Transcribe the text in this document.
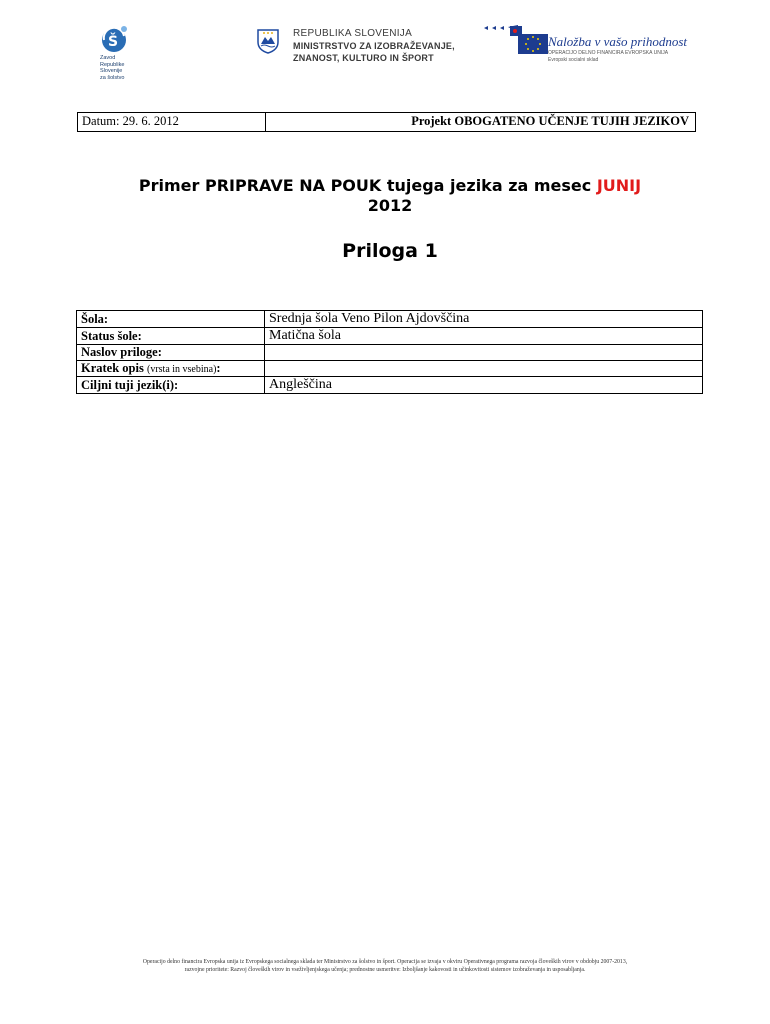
Š
Zavod
Republike
Slovenije
za šolstvo
REPUBLIKA SLOVENIJA
MINISTRSTVO ZA IZOBRAŽEVANJE,
ZNANOST, KULTURO IN ŠPORT
Naložba v vašo prihodnost
OPERACIJO DELNO FINANCIRA EVROPSKA UNIJA Evropski socialni sklad
Datum: 29. 6. 2012	Projekt OBOGATENO UČENJE TUJIH JEZIKOV
Primer PRIPRAVE NA POUK tujega jezika za mesec JUNIJ
2012
Priloga 1
Šola:	Srednja šola Veno Pilon Ajdovščina
Status šole:	Matična šola
Naslov priloge:	
Kratek opis (vrsta in vsebina):	
Ciljni tuji jezik(i):	Angleščina
Operacijo delno financira Evropska unija iz Evropskega socialnega sklada ter Ministrstvo za šolstvo in šport. Operacija se izvaja v okviru Operativnega programa razvoja človeških virov v obdobju 2007-2013,
razvojne prioritete: Razvoj človeških virov in vseživljenjskega učenja; prednostne usmeritve: Izboljšanje kakovosti in učinkovitosti sistemov izobraževanja in usposabljanja.
